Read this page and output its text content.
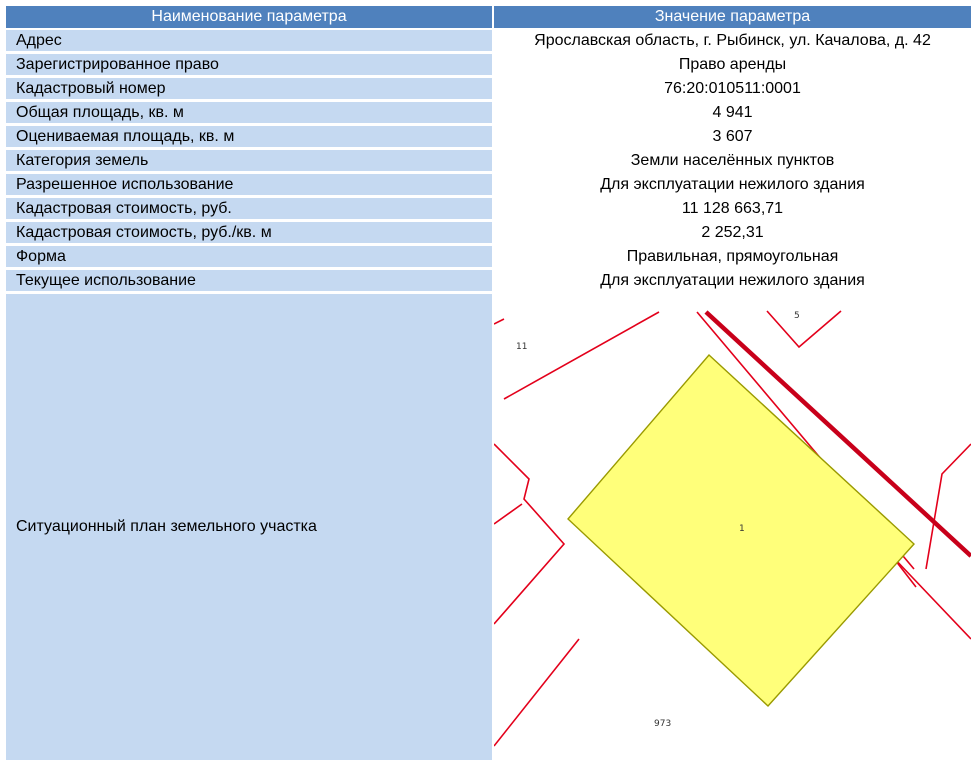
Наименование параметра	Значение параметра
Адрес	Ярославская область, г. Рыбинск, ул. Качалова, д. 42
Зарегистрированное право	Право аренды
Кадастровый номер	76:20:010511:0001
Общая площадь, кв. м	4 941
Оцениваемая площадь, кв. м	3 607
Категория земель	Земли населённых пунктов
Разрешенное использование	Для эксплуатации нежилого здания
Кадастровая стоимость, руб.	11 128 663,71
Кадастровая стоимость, руб./кв. м	2 252,31
Форма	Правильная, прямоугольная
Текущее использование	Для эксплуатации нежилого здания
Ситуационный план земельного участка	11
5
973
1
